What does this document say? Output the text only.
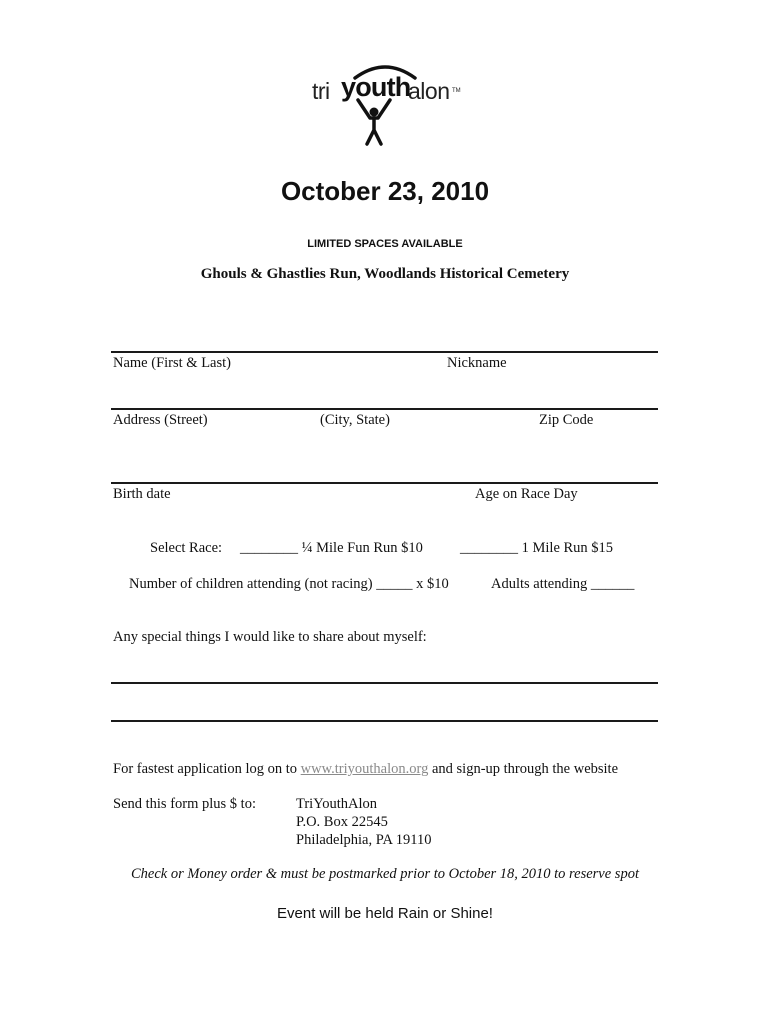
tri youth
alon TM
October 23, 2010
LIMITED SPACES AVAILABLE
Ghouls & Ghastlies Run, Woodlands Historical Cemetery
Name (First & Last)	Nickname
Address (Street)	(City, State)	Zip Code
Birth date	Age on Race Day
Select Race: ________ ¼ Mile Fun Run $10	________ 1 Mile Run $15
Number of children attending (not racing) _____ x $10	Adults attending ______
Any special things I would like to share about myself:
For fastest application log on to www.triyouthalon.org and sign-up through the website
Send this form plus $ to:	TriYouthAlon
P.O. Box 22545
Philadelphia, PA 19110
Check or Money order & must be postmarked prior to October 18, 2010 to reserve spot
Event will be held Rain or Shine!
